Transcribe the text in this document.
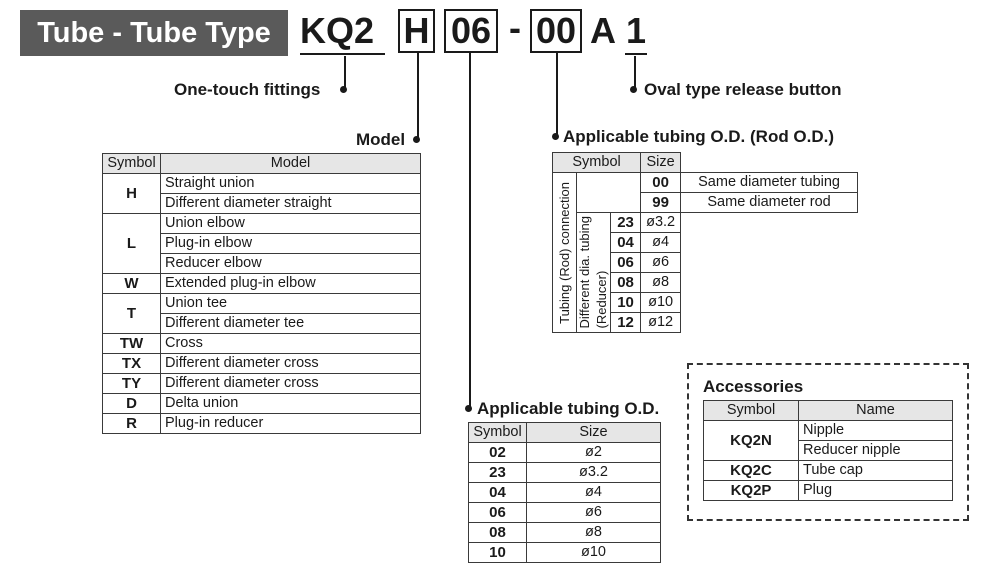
Tube - Tube Type KQ2 H 06 - 00 A 1
One-touch fittings	Oval type release button
Model	Applicable tubing O.D. (Rod O.D.)
Applicable tubing O.D.
Symbol	Model
H	Straight union
	Different diameter straight
L	Union elbow
	Plug-in elbow
	Reducer elbow
W	Extended plug-in elbow
T	Union tee
	Different diameter tee
TW	Cross
TX	Different diameter cross
TY	Different diameter cross
D	Delta union
R	Plug-in reducer
Symbol			Size	

Tubing (Rod) connection			00	Same diameter tubing
			99	Same diameter rod

	Different dia. tubing (Reducer)	23	ø3.2	
		04	ø4	
		06	ø6	
		08	ø8	
		10	ø10	
		12	ø12	
Symbol	Size
02	ø2
23	ø3.2
04	ø4
06	ø6
08	ø8
10	ø10
Accessories
Symbol	Name
KQ2N	Nipple
	Reducer nipple
KQ2C	Tube cap
KQ2P	Plug
